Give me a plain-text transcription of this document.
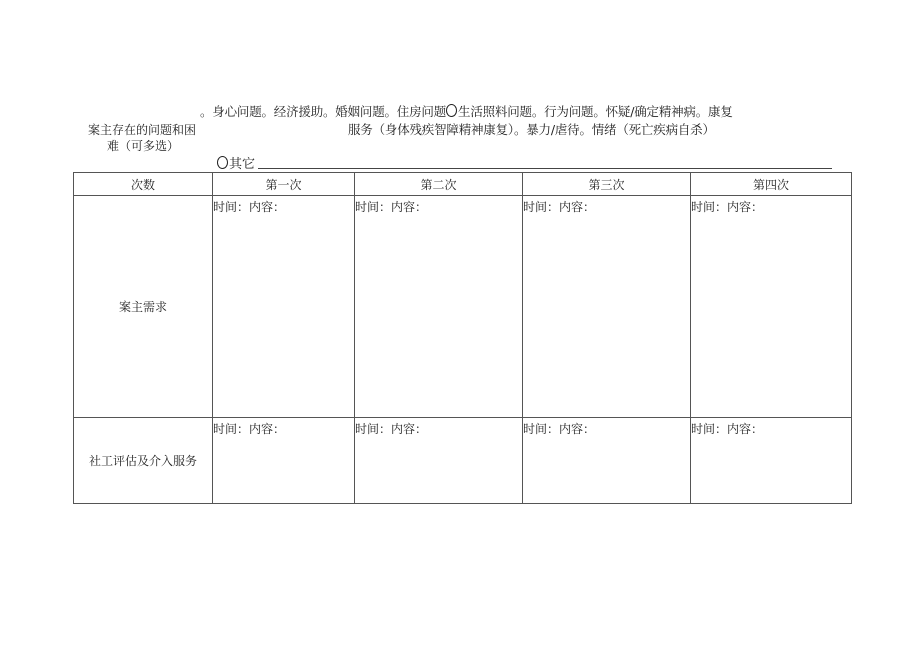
。身心问题。经济援助。婚姻问题。住房问题 生活照料问题。行为问题。怀疑/确定精神病。康复
案主存在的问题和困	服务（身体残疾智障精神康复）。暴力/虐待。情绪（死亡疾病自杀）
难（可多选）
其它
次数	第一次	第二次	第三次	第四次
案主需求	时间：内容：	时间：内容：	时间：内容：	时间：内容：

社工评估及介入服务	时间：内容：	时间：内容：	时间：内容：	时间：内容：
